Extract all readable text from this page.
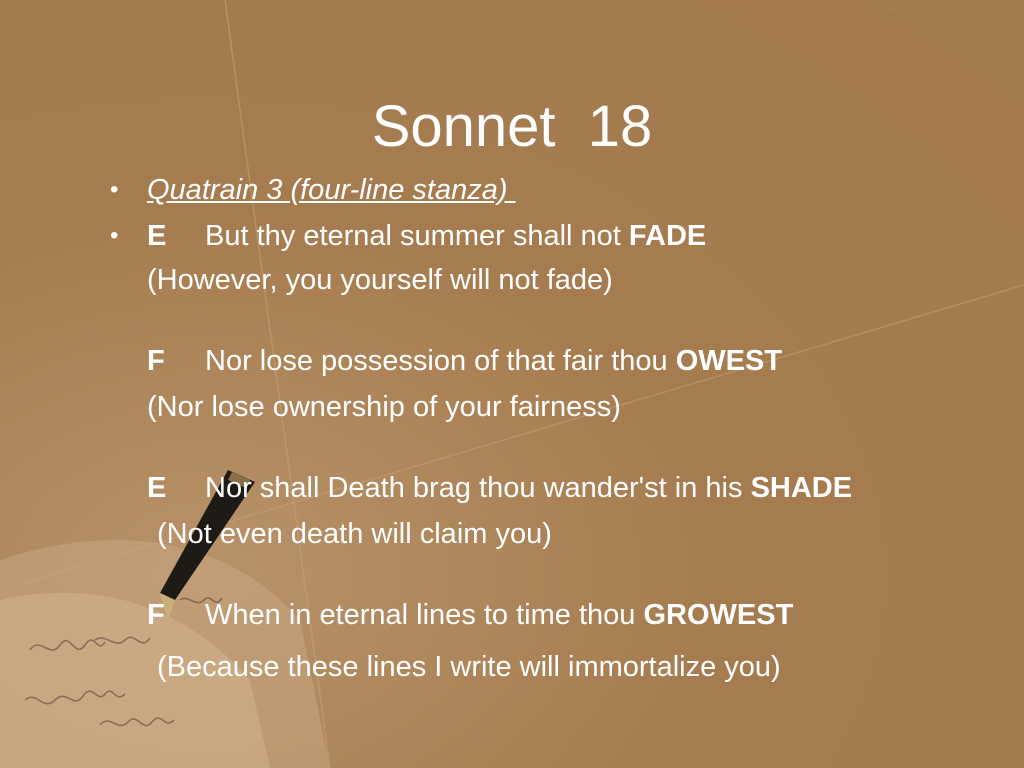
Sonnet  18
• Quatrain 3 (four-line stanza)
• E But thy eternal summer shall not FADE
(However, you yourself will not fade)
F Nor lose possession of that fair thou OWEST
(Nor lose ownership of your fairness)
E Nor shall Death brag thou wander'st in his SHADE
(Not even death will claim you)
F When in eternal lines to time thou GROWEST
(Because these lines I write will immortalize you)
